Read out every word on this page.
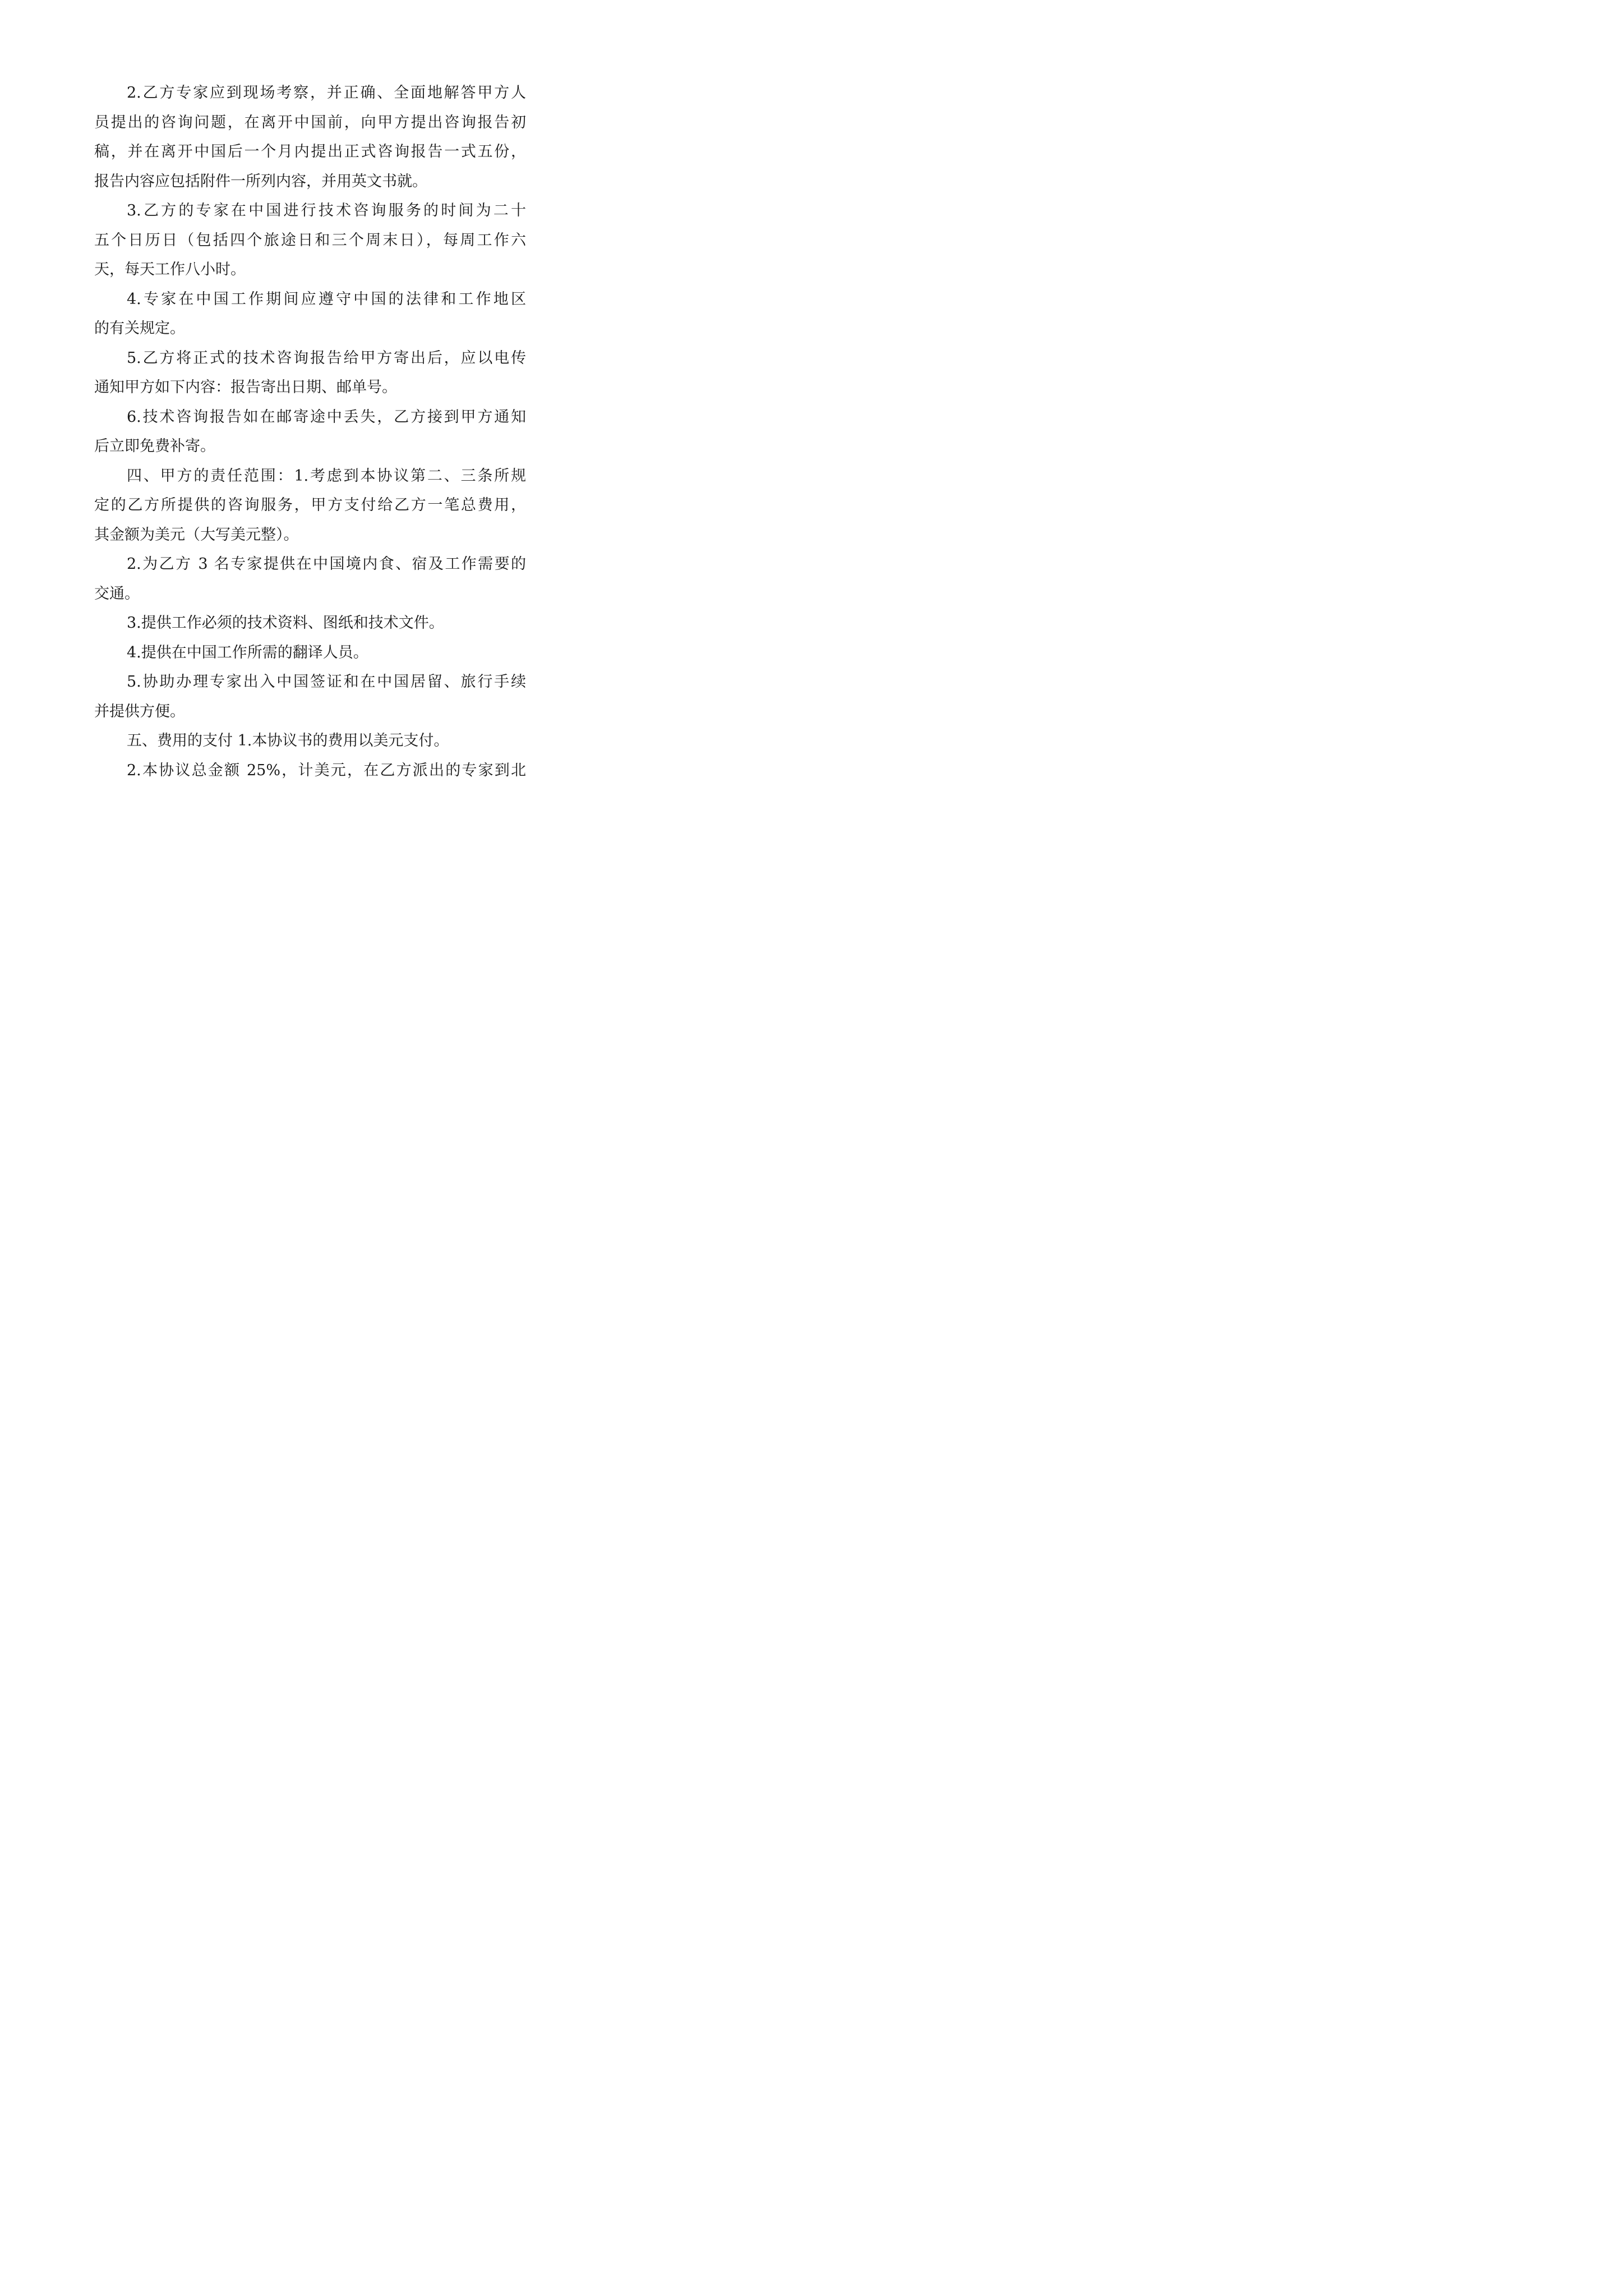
2.乙方专家应到现场考察，并正确、全面地解答甲方人
员提出的咨询问题，在离开中国前，向甲方提出咨询报告初
稿，并在离开中国后一个月内提出正式咨询报告一式五份，
报告内容应包括附件一所列内容，并用英文书就。

3.乙方的专家在中国进行技术咨询服务的时间为二十
五个日历日（包括四个旅途日和三个周末日），每周工作六
天，每天工作八小时。

4.专家在中国工作期间应遵守中国的法律和工作地区
的有关规定。

5.乙方将正式的技术咨询报告给甲方寄出后，应以电传
通知甲方如下内容：报告寄出日期、邮单号。

6.技术咨询报告如在邮寄途中丢失，乙方接到甲方通知
后立即免费补寄。

四、甲方的责任范围：1.考虑到本协议第二、三条所规
定的乙方所提供的咨询服务，甲方支付给乙方一笔总费用，
其金额为美元（大写美元整）。

2.为乙方 3 名专家提供在中国境内食、宿及工作需要的
交通。

3.提供工作必须的技术资料、图纸和技术文件。

4.提供在中国工作所需的翻译人员。

5.协助办理专家出入中国签证和在中国居留、旅行手续
并提供方便。

五、费用的支付 1.本协议书的费用以美元支付。

2.本协议总金额 25%，计美元，在乙方派出的专家到北
